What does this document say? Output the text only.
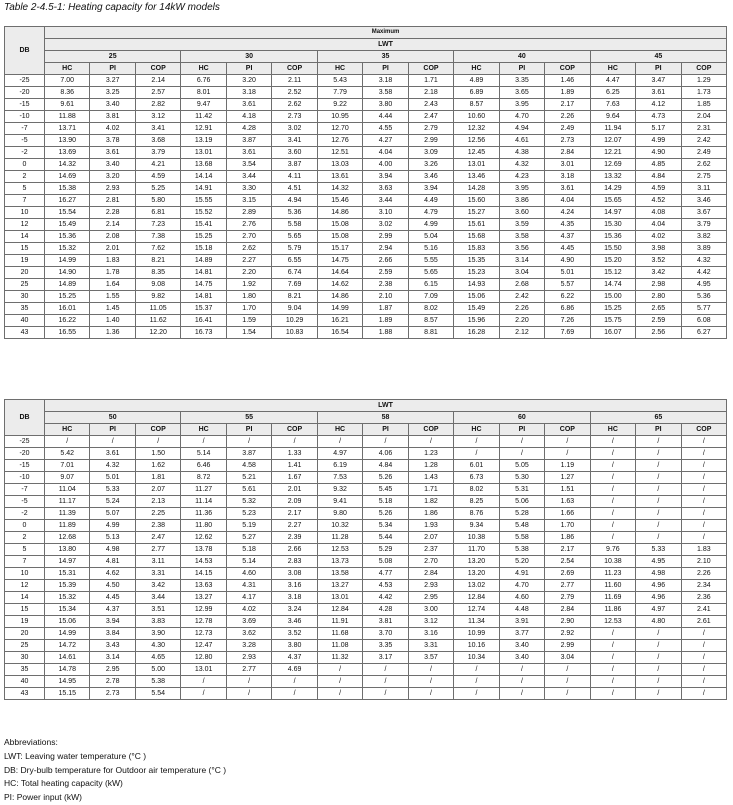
Table 2-4.5-1: Heating capacity for 14kW models
DB	Maximum														
	LWT														
	25			30			35			40			45		
	HC	PI	COP	HC	PI	COP	HC	PI	COP	HC	PI	COP	HC	PI	COP
-25	7.00	3.27	2.14	6.76	3.20	2.11	5.43	3.18	1.71	4.89	3.35	1.46	4.47	3.47	1.29
-20	8.36	3.25	2.57	8.01	3.18	2.52	7.79	3.58	2.18	6.89	3.65	1.89	6.25	3.61	1.73
-15	9.61	3.40	2.82	9.47	3.61	2.62	9.22	3.80	2.43	8.57	3.95	2.17	7.63	4.12	1.85
-10	11.88	3.81	3.12	11.42	4.18	2.73	10.95	4.44	2.47	10.60	4.70	2.26	9.64	4.73	2.04
-7	13.71	4.02	3.41	12.91	4.28	3.02	12.70	4.55	2.79	12.32	4.94	2.49	11.94	5.17	2.31
-5	13.90	3.78	3.68	13.19	3.87	3.41	12.76	4.27	2.99	12.56	4.61	2.73	12.07	4.99	2.42
-2	13.69	3.61	3.79	13.01	3.61	3.60	12.51	4.04	3.09	12.45	4.38	2.84	12.21	4.90	2.49
0	14.32	3.40	4.21	13.68	3.54	3.87	13.03	4.00	3.26	13.01	4.32	3.01	12.69	4.85	2.62
2	14.69	3.20	4.59	14.14	3.44	4.11	13.61	3.94	3.46	13.46	4.23	3.18	13.32	4.84	2.75
5	15.38	2.93	5.25	14.91	3.30	4.51	14.32	3.63	3.94	14.28	3.95	3.61	14.29	4.59	3.11
7	16.27	2.81	5.80	15.55	3.15	4.94	15.46	3.44	4.49	15.60	3.86	4.04	15.65	4.52	3.46
10	15.54	2.28	6.81	15.52	2.89	5.36	14.86	3.10	4.79	15.27	3.60	4.24	14.97	4.08	3.67
12	15.49	2.14	7.23	15.41	2.76	5.58	15.08	3.02	4.99	15.61	3.59	4.35	15.30	4.04	3.79
14	15.36	2.08	7.38	15.25	2.70	5.65	15.08	2.99	5.04	15.68	3.58	4.37	15.36	4.02	3.82
15	15.32	2.01	7.62	15.18	2.62	5.79	15.17	2.94	5.16	15.83	3.56	4.45	15.50	3.98	3.89
19	14.99	1.83	8.21	14.89	2.27	6.55	14.75	2.66	5.55	15.35	3.14	4.90	15.20	3.52	4.32
20	14.90	1.78	8.35	14.81	2.20	6.74	14.64	2.59	5.65	15.23	3.04	5.01	15.12	3.42	4.42
25	14.89	1.64	9.08	14.75	1.92	7.69	14.62	2.38	6.15	14.93	2.68	5.57	14.74	2.98	4.95
30	15.25	1.55	9.82	14.81	1.80	8.21	14.86	2.10	7.09	15.06	2.42	6.22	15.00	2.80	5.36
35	16.01	1.45	11.05	15.37	1.70	9.04	14.99	1.87	8.02	15.49	2.26	6.86	15.25	2.65	5.77
40	16.22	1.40	11.62	16.41	1.59	10.29	16.21	1.89	8.57	15.96	2.20	7.26	15.75	2.59	6.08
43	16.55	1.36	12.20	16.73	1.54	10.83	16.54	1.88	8.81	16.28	2.12	7.69	16.07	2.56	6.27
DB	LWT														
	50			55			58			60			65		
	HC	PI	COP	HC	PI	COP	HC	PI	COP	HC	PI	COP	HC	PI	COP
-25	/	/	/	/	/	/	/	/	/	/	/	/	/	/	/
-20	5.42	3.61	1.50	5.14	3.87	1.33	4.97	4.06	1.23	/	/	/	/	/	/
-15	7.01	4.32	1.62	6.46	4.58	1.41	6.19	4.84	1.28	6.01	5.05	1.19	/	/	/
-10	9.07	5.01	1.81	8.72	5.21	1.67	7.53	5.26	1.43	6.73	5.30	1.27	/	/	/
-7	11.04	5.33	2.07	11.27	5.61	2.01	9.32	5.45	1.71	8.02	5.31	1.51	/	/	/
-5	11.17	5.24	2.13	11.14	5.32	2.09	9.41	5.18	1.82	8.25	5.06	1.63	/	/	/
-2	11.39	5.07	2.25	11.36	5.23	2.17	9.80	5.26	1.86	8.76	5.28	1.66	/	/	/
0	11.89	4.99	2.38	11.80	5.19	2.27	10.32	5.34	1.93	9.34	5.48	1.70	/	/	/
2	12.68	5.13	2.47	12.62	5.27	2.39	11.28	5.44	2.07	10.38	5.58	1.86	/	/	/
5	13.80	4.98	2.77	13.78	5.18	2.66	12.53	5.29	2.37	11.70	5.38	2.17	9.76	5.33	1.83
7	14.97	4.81	3.11	14.53	5.14	2.83	13.73	5.08	2.70	13.20	5.20	2.54	10.38	4.95	2.10
10	15.31	4.62	3.31	14.15	4.60	3.08	13.58	4.77	2.84	13.20	4.91	2.69	11.23	4.98	2.26
12	15.39	4.50	3.42	13.63	4.31	3.16	13.27	4.53	2.93	13.02	4.70	2.77	11.60	4.96	2.34
14	15.32	4.45	3.44	13.27	4.17	3.18	13.01	4.42	2.95	12.84	4.60	2.79	11.69	4.96	2.36
15	15.34	4.37	3.51	12.99	4.02	3.24	12.84	4.28	3.00	12.74	4.48	2.84	11.86	4.97	2.41
19	15.06	3.94	3.83	12.78	3.69	3.46	11.91	3.81	3.12	11.34	3.91	2.90	12.53	4.80	2.61
20	14.99	3.84	3.90	12.73	3.62	3.52	11.68	3.70	3.16	10.99	3.77	2.92	/	/	/
25	14.72	3.43	4.30	12.47	3.28	3.80	11.08	3.35	3.31	10.16	3.40	2.99	/	/	/
30	14.61	3.14	4.65	12.80	2.93	4.37	11.32	3.17	3.57	10.34	3.40	3.04	/	/	/
35	14.78	2.95	5.00	13.01	2.77	4.69	/	/	/	/	/	/	/	/	/
40	14.95	2.78	5.38	/	/	/	/	/	/	/	/	/	/	/	/
43	15.15	2.73	5.54	/	/	/	/	/	/	/	/	/	/	/	/
Abbreviations:
LWT: Leaving water temperature (°C )
DB: Dry-bulb temperature for Outdoor air temperature (°C )
HC: Total heating capacity (kW)
PI: Power input (kW)
